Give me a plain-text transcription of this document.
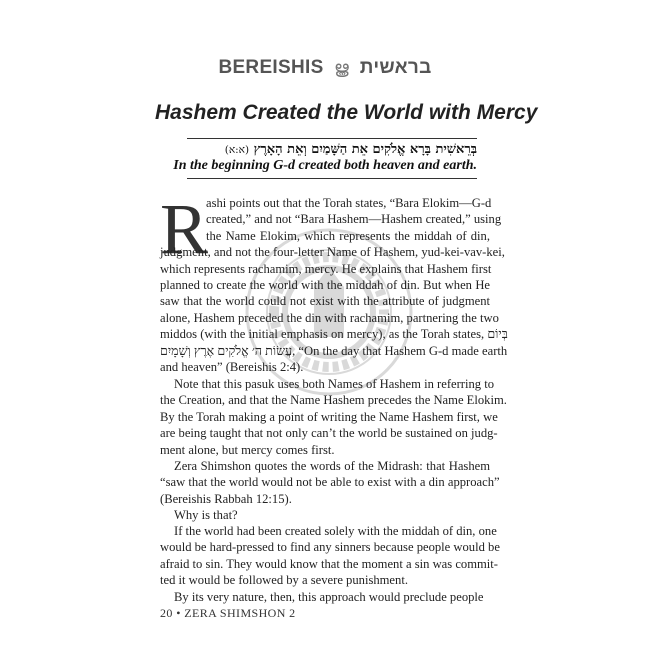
BEREISHIS ൠ בראשית
Hashem Created the World with Mercy
בְּרֵאשִׁית בָּרָא אֱלֹקִים אֵת הַשָּׁמַיִם וְאֵת הָאָרֶץ (א:א)
In the beginning G-d created both heaven and earth.
R
ashi points out that the Torah states, “Bara Elokim—G-d
created,” and not “Bara Hashem—Hashem created,” using
the Name Elokim, which represents the middah of din,
judgment, and not the four-letter Name of Hashem, yud-kei-vav-kei,
which represents rachamim, mercy. He explains that Hashem first
planned to create the world with the middah of din. But when He
saw that the world could not exist with the attribute of judgment
alone, Hashem preceded the din with rachamim, partnering the two
middos (with the initial emphasis on mercy), as the Torah states, בְּיוֹם
עֲשׂוֹת ה׳ אֱלֹקִים אֶרֶץ וְשָׁמָיִם, “On the day that Hashem G-d made earth
and heaven” (Bereishis 2:4).
Note that this pasuk uses both Names of Hashem in referring to
the Creation, and that the Name Hashem precedes the Name Elokim.
By the Torah making a point of writing the Name Hashem first, we
are being taught that not only can’t the world be sustained on judg-
ment alone, but mercy comes first.
Zera Shimshon quotes the words of the Midrash: that Hashem
“saw that the world would not be able to exist with a din approach”
(Bereishis Rabbah 12:15).
Why is that?
If the world had been created solely with the middah of din, one
would be hard-pressed to find any sinners because people would be
afraid to sin. They would know that the moment a sin was commit-
ted it would be followed by a severe punishment.
By its very nature, then, this approach would preclude people
20 • ZERA SHIMSHON 2
